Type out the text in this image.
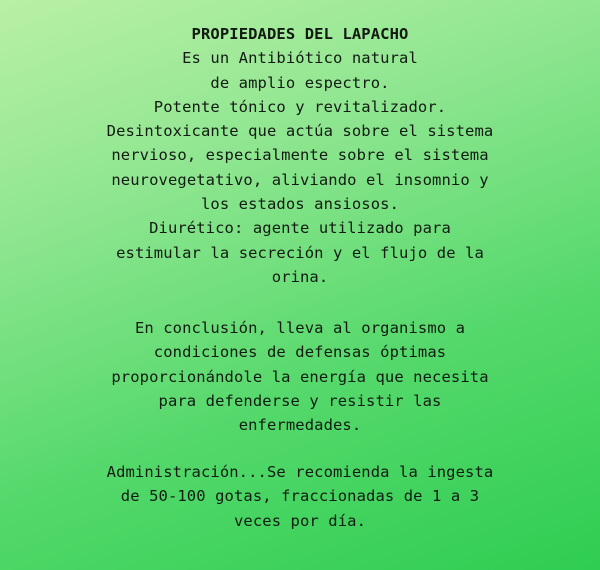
PROPIEDADES DEL LAPACHO
Es un Antibiótico natural
de amplio espectro.
Potente tónico y revitalizador.
Desintoxicante que actúa sobre el sistema
nervioso, especialmente sobre el sistema
neurovegetativo, aliviando el insomnio y
los estados ansiosos.
Diurético: agente utilizado para
estimular la secreción y el flujo de la
orina.
En conclusión, lleva al organismo a
condiciones de defensas óptimas
proporcionándole la energía que necesita
para defenderse y resistir las
enfermedades.
Administración...Se recomienda la ingesta
de 50-100 gotas, fraccionadas de 1 a 3
veces por día.
